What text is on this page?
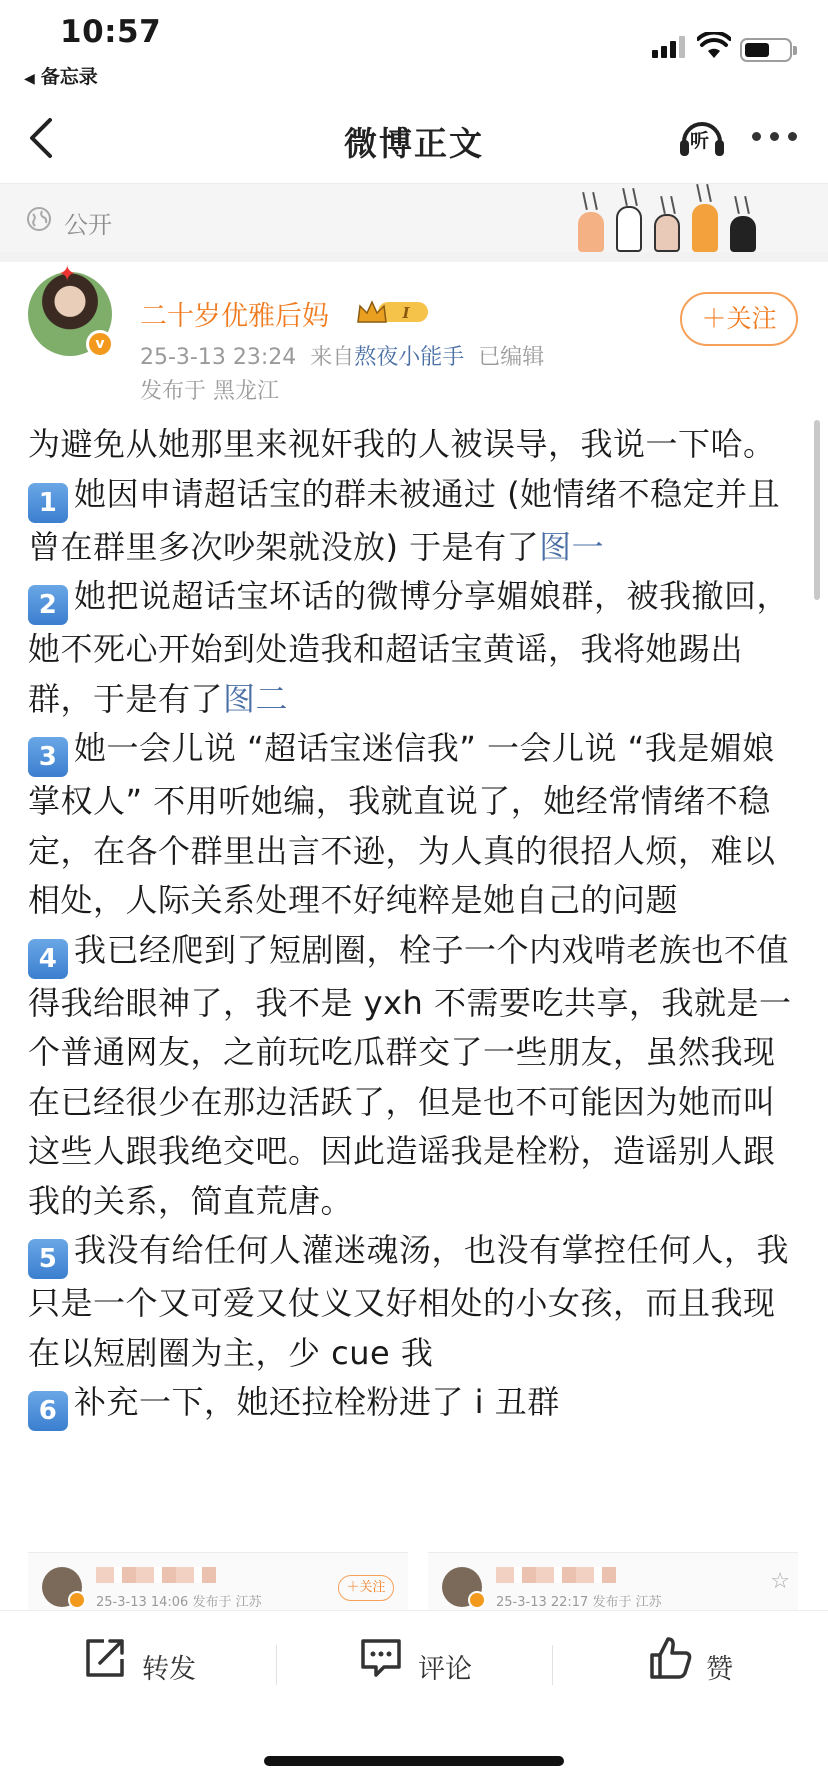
10:57
◀ 备忘录
微博正文	听
公开
✦
v
二十岁优雅后妈	I
25-3-13 23:24 来自熬夜小能手 已编辑
发布于 黑龙江
＋关注

为避免从她那里来视奸我的人被误导，我说一下哈。

1 她因申请超话宝的群未被通过 (她情绪不稳定并且曾在群里多次吵架就没放) 于是有了图一

2 她把说超话宝坏话的微博分享媚娘群，被我撤回，她不死心开始到处造我和超话宝黄谣，我将她踢出群，于是有了图二

3 她一会儿说 “超话宝迷信我” 一会儿说 “我是媚娘掌权人” 不用听她编，我就直说了，她经常情绪不稳定，在各个群里出言不逊，为人真的很招人烦，难以相处，人际关系处理不好纯粹是她自己的问题

4 我已经爬到了短剧圈，栓子一个内戏啃老族也不值得我给眼神了，我不是 yxh 不需要吃共享，我就是一个普通网友，之前玩吃瓜群交了一些朋友，虽然我现在已经很少在那边活跃了，但是也不可能因为她而叫这些人跟我绝交吧。因此造谣我是栓粉，造谣别人跟我的关系，简直荒唐。

5 我没有给任何人灌迷魂汤，也没有掌控任何人，我只是一个又可爱又仗义又好相处的小女孩，而且我现在以短剧圈为主，少 cue 我

6 补充一下，她还拉栓粉进了 i 丑群

25-3-13 14:06 发布于 江苏
＋关注
25-3-13 22:17 发布于 江苏
☆
转发	评论	赞
